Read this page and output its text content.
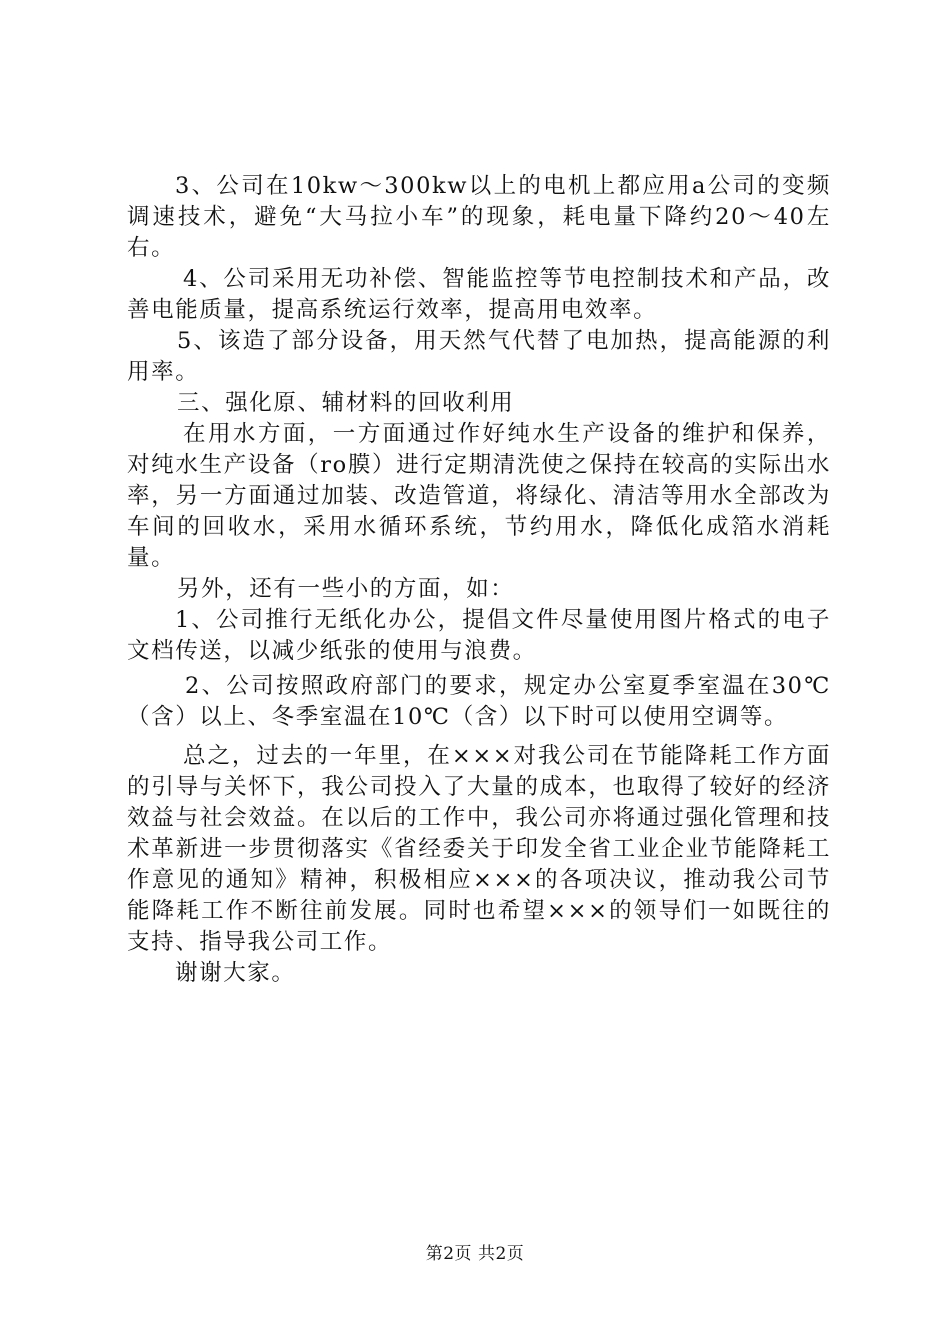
3、公司在10kw～300kw以上的电机上都应用a公司的变频调速技术，避免“大马拉小车”的现象，耗电量下降约20～40左右。

4、公司采用无功补偿、智能监控等节电控制技术和产品，改善电能质量，提高系统运行效率，提高用电效率。

5、该造了部分设备，用天然气代替了电加热，提高能源的利用率。

三、强化原、辅材料的回收利用

在用水方面，一方面通过作好纯水生产设备的维护和保养，对纯水生产设备（ro膜）进行定期清洗使之保持在较高的实际出水率，另一方面通过加装、改造管道，将绿化、清洁等用水全部改为车间的回收水，采用水循环系统，节约用水，降低化成箔水消耗量。

另外，还有一些小的方面，如：

1、公司推行无纸化办公，提倡文件尽量使用图片格式的电子文档传送，以减少纸张的使用与浪费。

2、公司按照政府部门的要求，规定办公室夏季室温在30℃（含）以上、冬季室温在10℃（含）以下时可以使用空调等。

总之，过去的一年里，在×××对我公司在节能降耗工作方面的引导与关怀下，我公司投入了大量的成本，也取得了较好的经济效益与社会效益。在以后的工作中，我公司亦将通过强化管理和技术革新进一步贯彻落实《省经委关于印发全省工业企业节能降耗工作意见的通知》精神，积极相应×××的各项决议，推动我公司节能降耗工作不断往前发展。同时也希望×××的领导们一如既往的支持、指导我公司工作。

谢谢大家。

第2页 共2页
